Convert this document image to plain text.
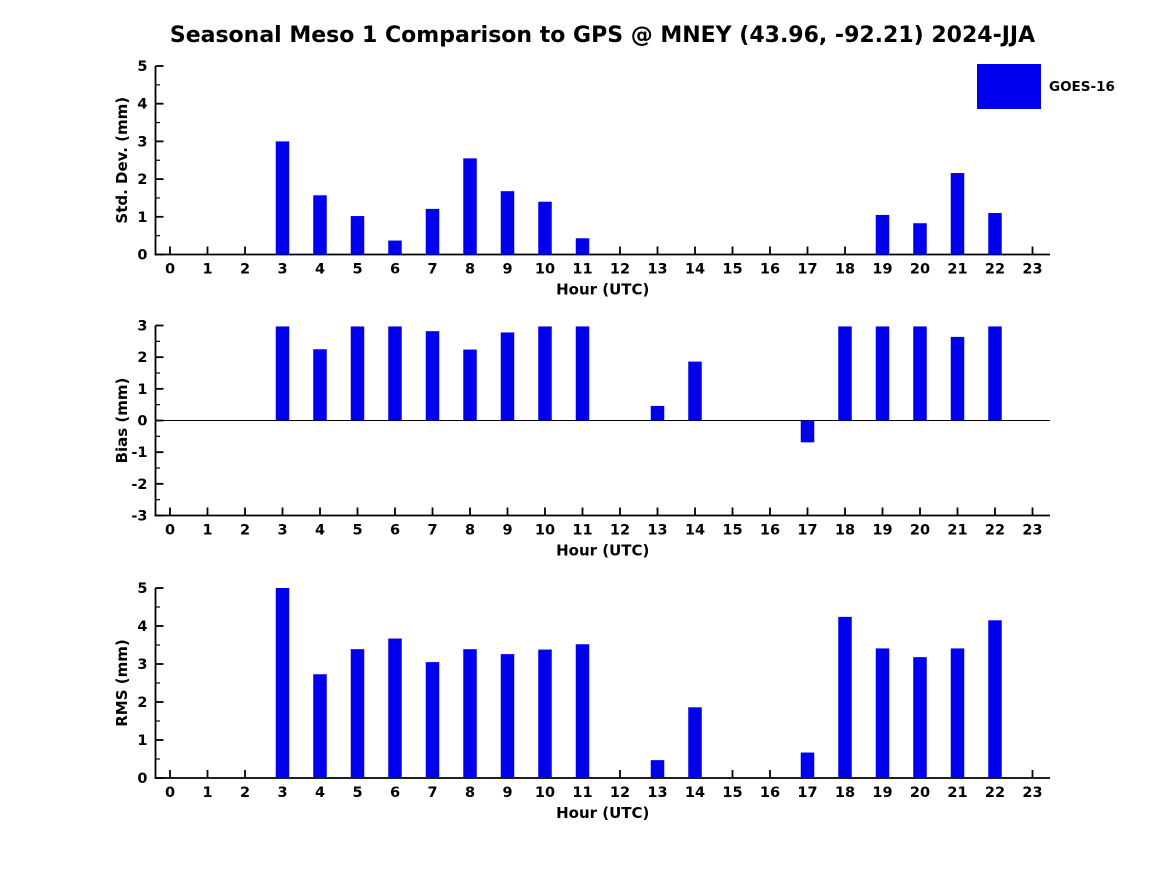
Seasonal Meso 1 Comparison to GPS @ MNEY (43.96, -92.21) 2024-JJA
GOES-16
0
1
2
3
4
5
0 1 2 3 4 5 6 7 8 9 10 11 12 13 14 15 16 17 18 19 20 21 22 23
Hour (UTC)
Std. Dev. (mm)
-3
-2
-1
0
1
2
3
0 1 2 3 4 5 6 7 8 9 10 11 12 13 14 15 16 17 18 19 20 21 22 23
Hour (UTC)
Bias (mm)
0
1
2
3
4
5
0 1 2 3 4 5 6 7 8 9 10 11 12 13 14 15 16 17 18 19 20 21 22 23
Hour (UTC)
RMS (mm)
